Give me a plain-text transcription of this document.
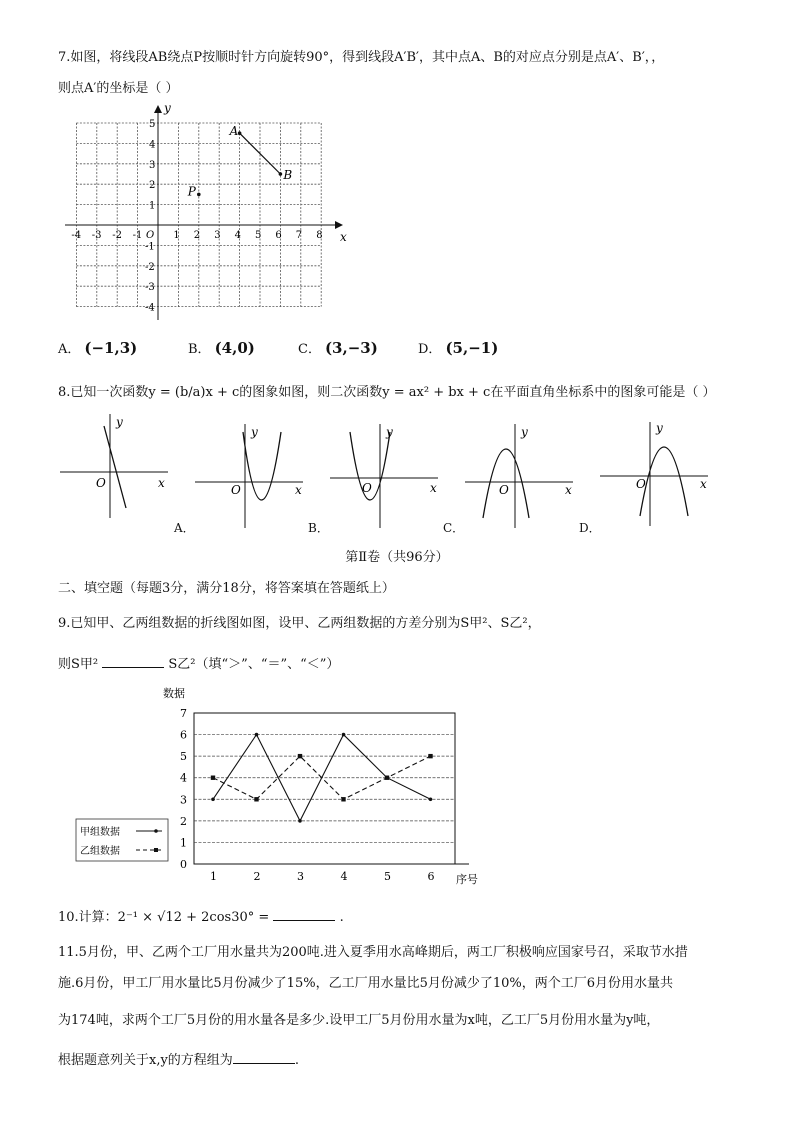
7.如图，将线段AB绕点P按顺时针方向旋转90°，得到线段A′B′，其中点A、B的对应点分别是点A′、B′，，
则点A′的坐标是（ ）
x
y
-4 -3 -2 -1 O 1 2 3 4 5 6 7 8
5
4
3
2
1
-1
-2
-3
-4
A
B
P
A． (−1,3)	B． (4,0)	C． (3,−3)	D． (5,−1)
8.已知一次函数y = (b/a)x + c的图象如图，则二次函数y = ax² + bx + c在平面直角坐标系中的图象可能是（ ）
x
y
O	x
y
O
A．
x
y
O
B．
x
y
O
C．
x
y
O
D．
第Ⅱ卷（共96分）
二、填空题（每题3分，满分18分，将答案填在答题纸上）
9.已知甲、乙两组数据的折线图如图，设甲、乙两组数据的方差分别为S甲²、S乙²，
则S甲²	S乙²（填“＞”、“＝”、“＜”）
0
1
2
3
4
5
6
7
1	2	3	4	5	6
数据
序号
甲组数据
乙组数据
10.计算：2⁻¹ × √12 + 2cos30° =	.
11.5月份，甲、乙两个工厂用水量共为200吨.进入夏季用水高峰期后，两工厂积极响应国家号召，采取节水措
施.6月份，甲工厂用水量比5月份减少了15%，乙工厂用水量比5月份减少了10%，两个工厂6月份用水量共
为174吨，求两个工厂5月份的用水量各是多少.设甲工厂5月份用水量为x吨，乙工厂5月份用水量为y吨，
根据题意列关于x,y的方程组为	.
